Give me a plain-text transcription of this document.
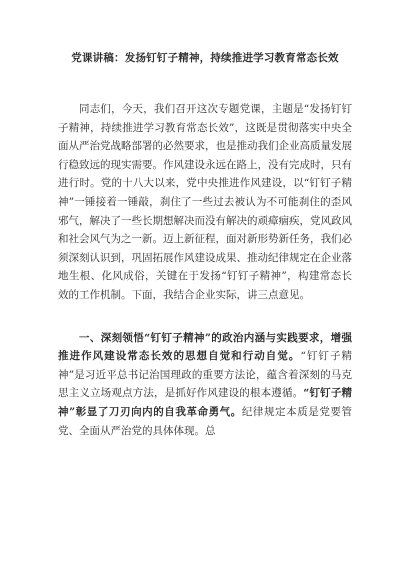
党课讲稿：发扬钉钉子精神，持续推进学习教育常态长效

同志们，今天，我们召开这次专题党课，主题是“发扬钉钉子精神，持续推进学习教育常态长效”，这既是贯彻落实中央全面从严治党战略部署的必然要求，也是推动我们企业高质量发展行稳致远的现实需要。作风建设永远在路上，没有完成时，只有进行时。党的十八大以来，党中央推进作风建设，以“钉钉子精神”一锤接着一锤敲，刹住了一些过去被认为不可能刹住的歪风邪气，解决了一些长期想解决而没有解决的顽瘴痼疾，党风政风和社会风气为之一新。迈上新征程，面对新形势新任务，我们必须深刻认识到，巩固拓展作风建设成果、推动纪律规定在企业落地生根、化风成俗，关键在于发扬“钉钉子精神”，构建常态长效的工作机制。下面，我结合企业实际，讲三点意见。

一、深刻领悟“钉钉子精神”的政治内涵与实践要求，增强推进作风建设常态长效的思想自觉和行动自觉。“钉钉子精神”是习近平总书记治国理政的重要方法论，蕴含着深刻的马克思主义立场观点方法，是抓好作风建设的根本遵循。“钉钉子精神”彰显了刀刃向内的自我革命勇气。纪律规定本质是党要管党、全面从严治党的具体体现。总
